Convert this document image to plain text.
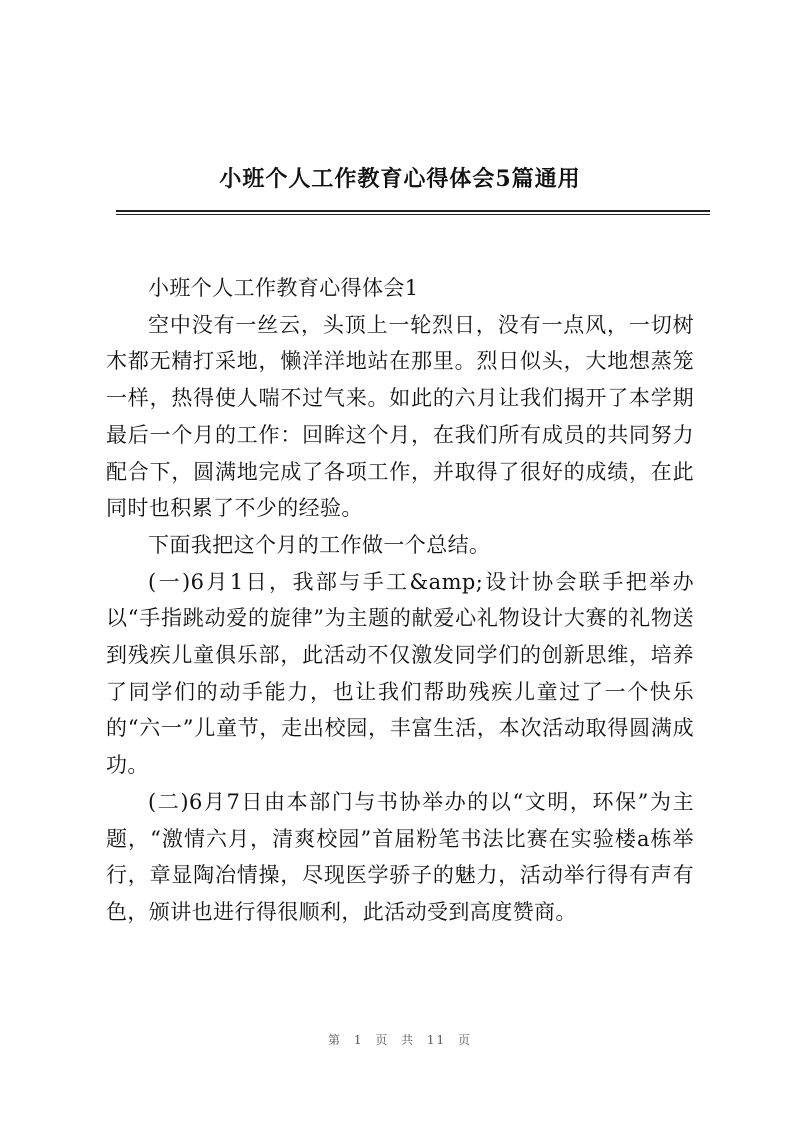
小班个人工作教育心得体会5篇通用

小班个人工作教育心得体会1

空中没有一丝云，头顶上一轮烈日，没有一点风，一切树木都无精打采地，懒洋洋地站在那里。烈日似头，大地想蒸笼一样，热得使人喘不过气来。如此的六月让我们揭开了本学期最后一个月的工作：回眸这个月，在我们所有成员的共同努力配合下，圆满地完成了各项工作，并取得了很好的成绩，在此同时也积累了不少的经验。

下面我把这个月的工作做一个总结。

(一)6月1日，我部与手工&amp;设计协会联手把举办以“手指跳动爱的旋律”为主题的献爱心礼物设计大赛的礼物送到残疾儿童俱乐部，此活动不仅激发同学们的创新思维，培养了同学们的动手能力，也让我们帮助残疾儿童过了一个快乐的“六一”儿童节，走出校园，丰富生活，本次活动取得圆满成功。

(二)6月7日由本部门与书协举办的以“文明，环保”为主题，“激情六月，清爽校园”首届粉笔书法比赛在实验楼a栋举行，章显陶冶情操，尽现医学骄子的魅力，活动举行得有声有色，颁讲也进行得很顺利，此活动受到高度赞商。

第 1 页 共 11 页
